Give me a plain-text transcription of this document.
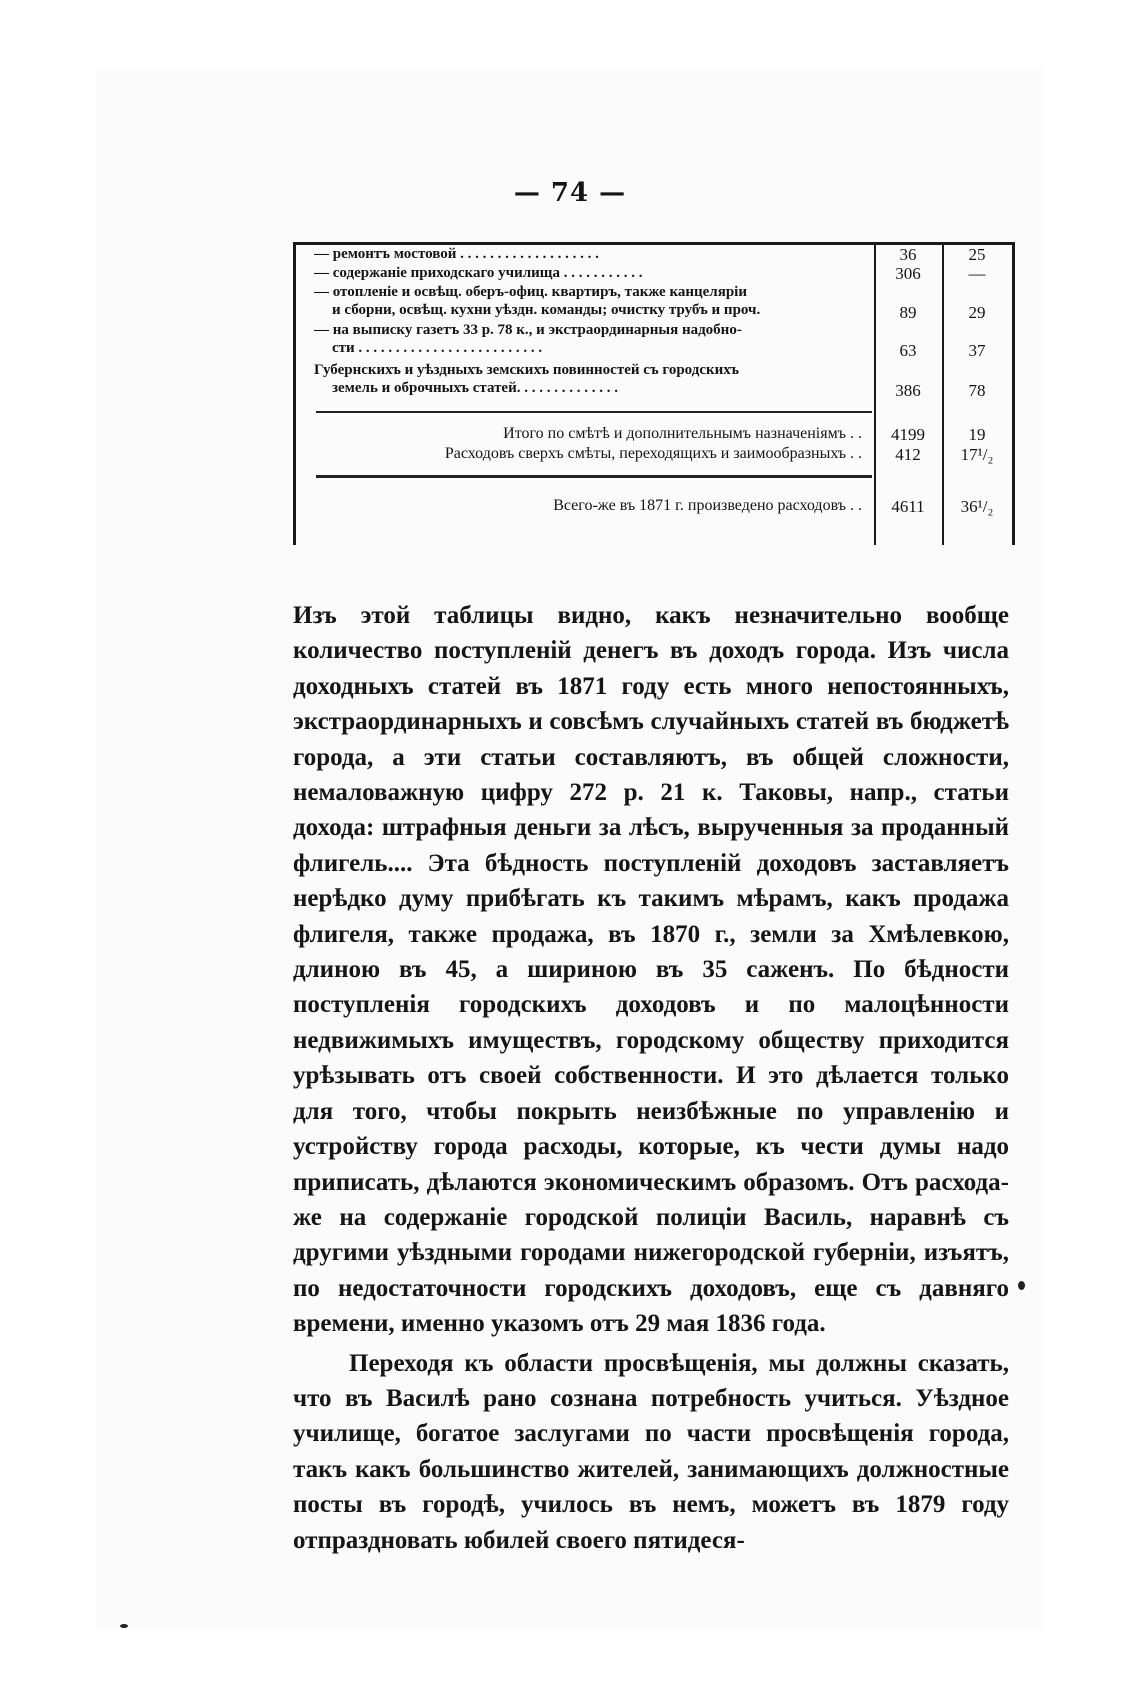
— 74 —
— ремонтъ мостовой . . . . . . . . . . . . . . . . . . .	36	25
— содержаніе приходскаго училища . . . . . . . . . . .	306	—
— отопленіе и освѣщ. оберъ-офиц. квартиръ, также канцеляріи
и сборни, освѣщ. кухни уѣздн. команды; очистку трубъ и проч.	89	29
— на выписку газетъ 33 р. 78 к., и экстраординарныя надобно-
сти . . . . . . . . . . . . . . . . . . . . . . . . .	63	37
Губернскихъ и уѣздныхъ земскихъ повинностей съ городскихъ
земель и оброчныхъ статей. . . . . . . . . . . . . .	386	78
Итого по смѣтѣ и дополнительнымъ назначеніямъ . .	4199	19
Расходовъ сверхъ смѣты, переходящихъ и заимообразныхъ . .	412	17¹/₂
Всего-же въ 1871 г. произведено расходовъ . .	4611	36¹/₂

Изъ этой таблицы видно, какъ незначительно вообще количество поступленій денегъ въ доходъ города. Изъ числа доходныхъ статей въ 1871 году есть много непостоянныхъ, экстраординарныхъ и совсѣмъ случайныхъ статей въ бюджетѣ города, а эти статьи составляютъ, въ общей сложности, немаловажную цифру 272 р. 21 к. Таковы, напр., статьи дохода: штрафныя деньги за лѣсъ, вырученныя за проданный флигель.... Эта бѣдность поступленій доходовъ заставляетъ нерѣдко думу прибѣгать къ такимъ мѣрамъ, какъ продажа флигеля, также продажа, въ 1870 г., земли за Хмѣлевкою, длиною въ 45, а шириною въ 35 саженъ. По бѣдности поступленія городскихъ доходовъ и по малоцѣнности недвижимыхъ имуществъ, городскому обществу приходится урѣзывать отъ своей собственности. И это дѣлается только для того, чтобы покрыть неизбѣжные по управленію и устройству города расходы, которые, къ чести думы надо приписать, дѣлаются экономическимъ образомъ. Отъ расхода-же на содержаніе городской полиціи Василь, наравнѣ съ другими уѣздными городами нижегородской губерніи, изъятъ, по недостаточности городскихъ доходовъ, еще съ давняго времени, именно указомъ отъ 29 мая 1836 года.

Переходя къ области просвѣщенія, мы должны сказать, что въ Василѣ рано сознана потребность учиться. Уѣздное училище, богатое заслугами по части просвѣщенія города, такъ какъ большинство жителей, занимающихъ должностные посты въ городѣ, училось въ немъ, можетъ въ 1879 году отпраздновать юбилей своего пятидеся-
